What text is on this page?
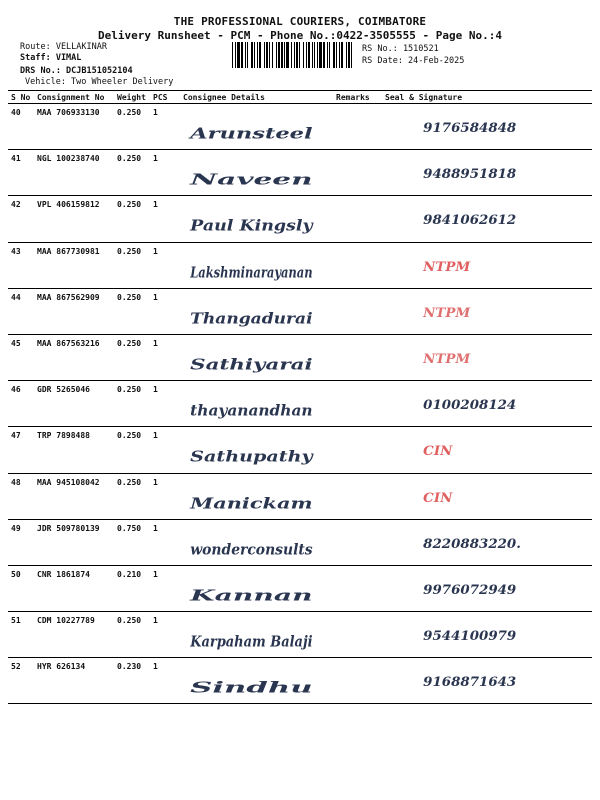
THE PROFESSIONAL COURIERS, COIMBATORE
Delivery Runsheet - PCM - Phone No.:0422-3505555 - Page No.:4
Route: VELLAKINAR
Staff: VIMAL
DRS No.: DCJB151052104
Vehicle: Two Wheeler Delivery
RS No.: 1510521
RS Date: 24-Feb-2025
S No	Consignment No	Weight	PCS	Consignee Details	Remarks	Seal & Signature
40	MAA 706933130	0.250	1	Arunsteel		9176584848

41	NGL 100238740	0.250	1	Naveen		9488951818

42	VPL 406159812	0.250	1	Paul Kingsly		9841062612

43	MAA 867730981	0.250	1	Lakshminarayanan		NTPM

44	MAA 867562909	0.250	1	Thangadurai		NTPM

45	MAA 867563216	0.250	1	Sathiyarai		NTPM

46	GDR 5265046	0.250	1	thayanandhan		0100208124

47	TRP 7898488	0.250	1	Sathupathy		CIN

48	MAA 945108042	0.250	1	Manickam		CIN

49	JDR 509780139	0.750	1	wonderconsults		8220883220.

50	CNR 1861874	0.210	1	Kannan		9976072949

51	CDM 10227789	0.250	1	Karpaham Balaji		9544100979

52	HYR 626134	0.230	1	Sindhu		9168871643
